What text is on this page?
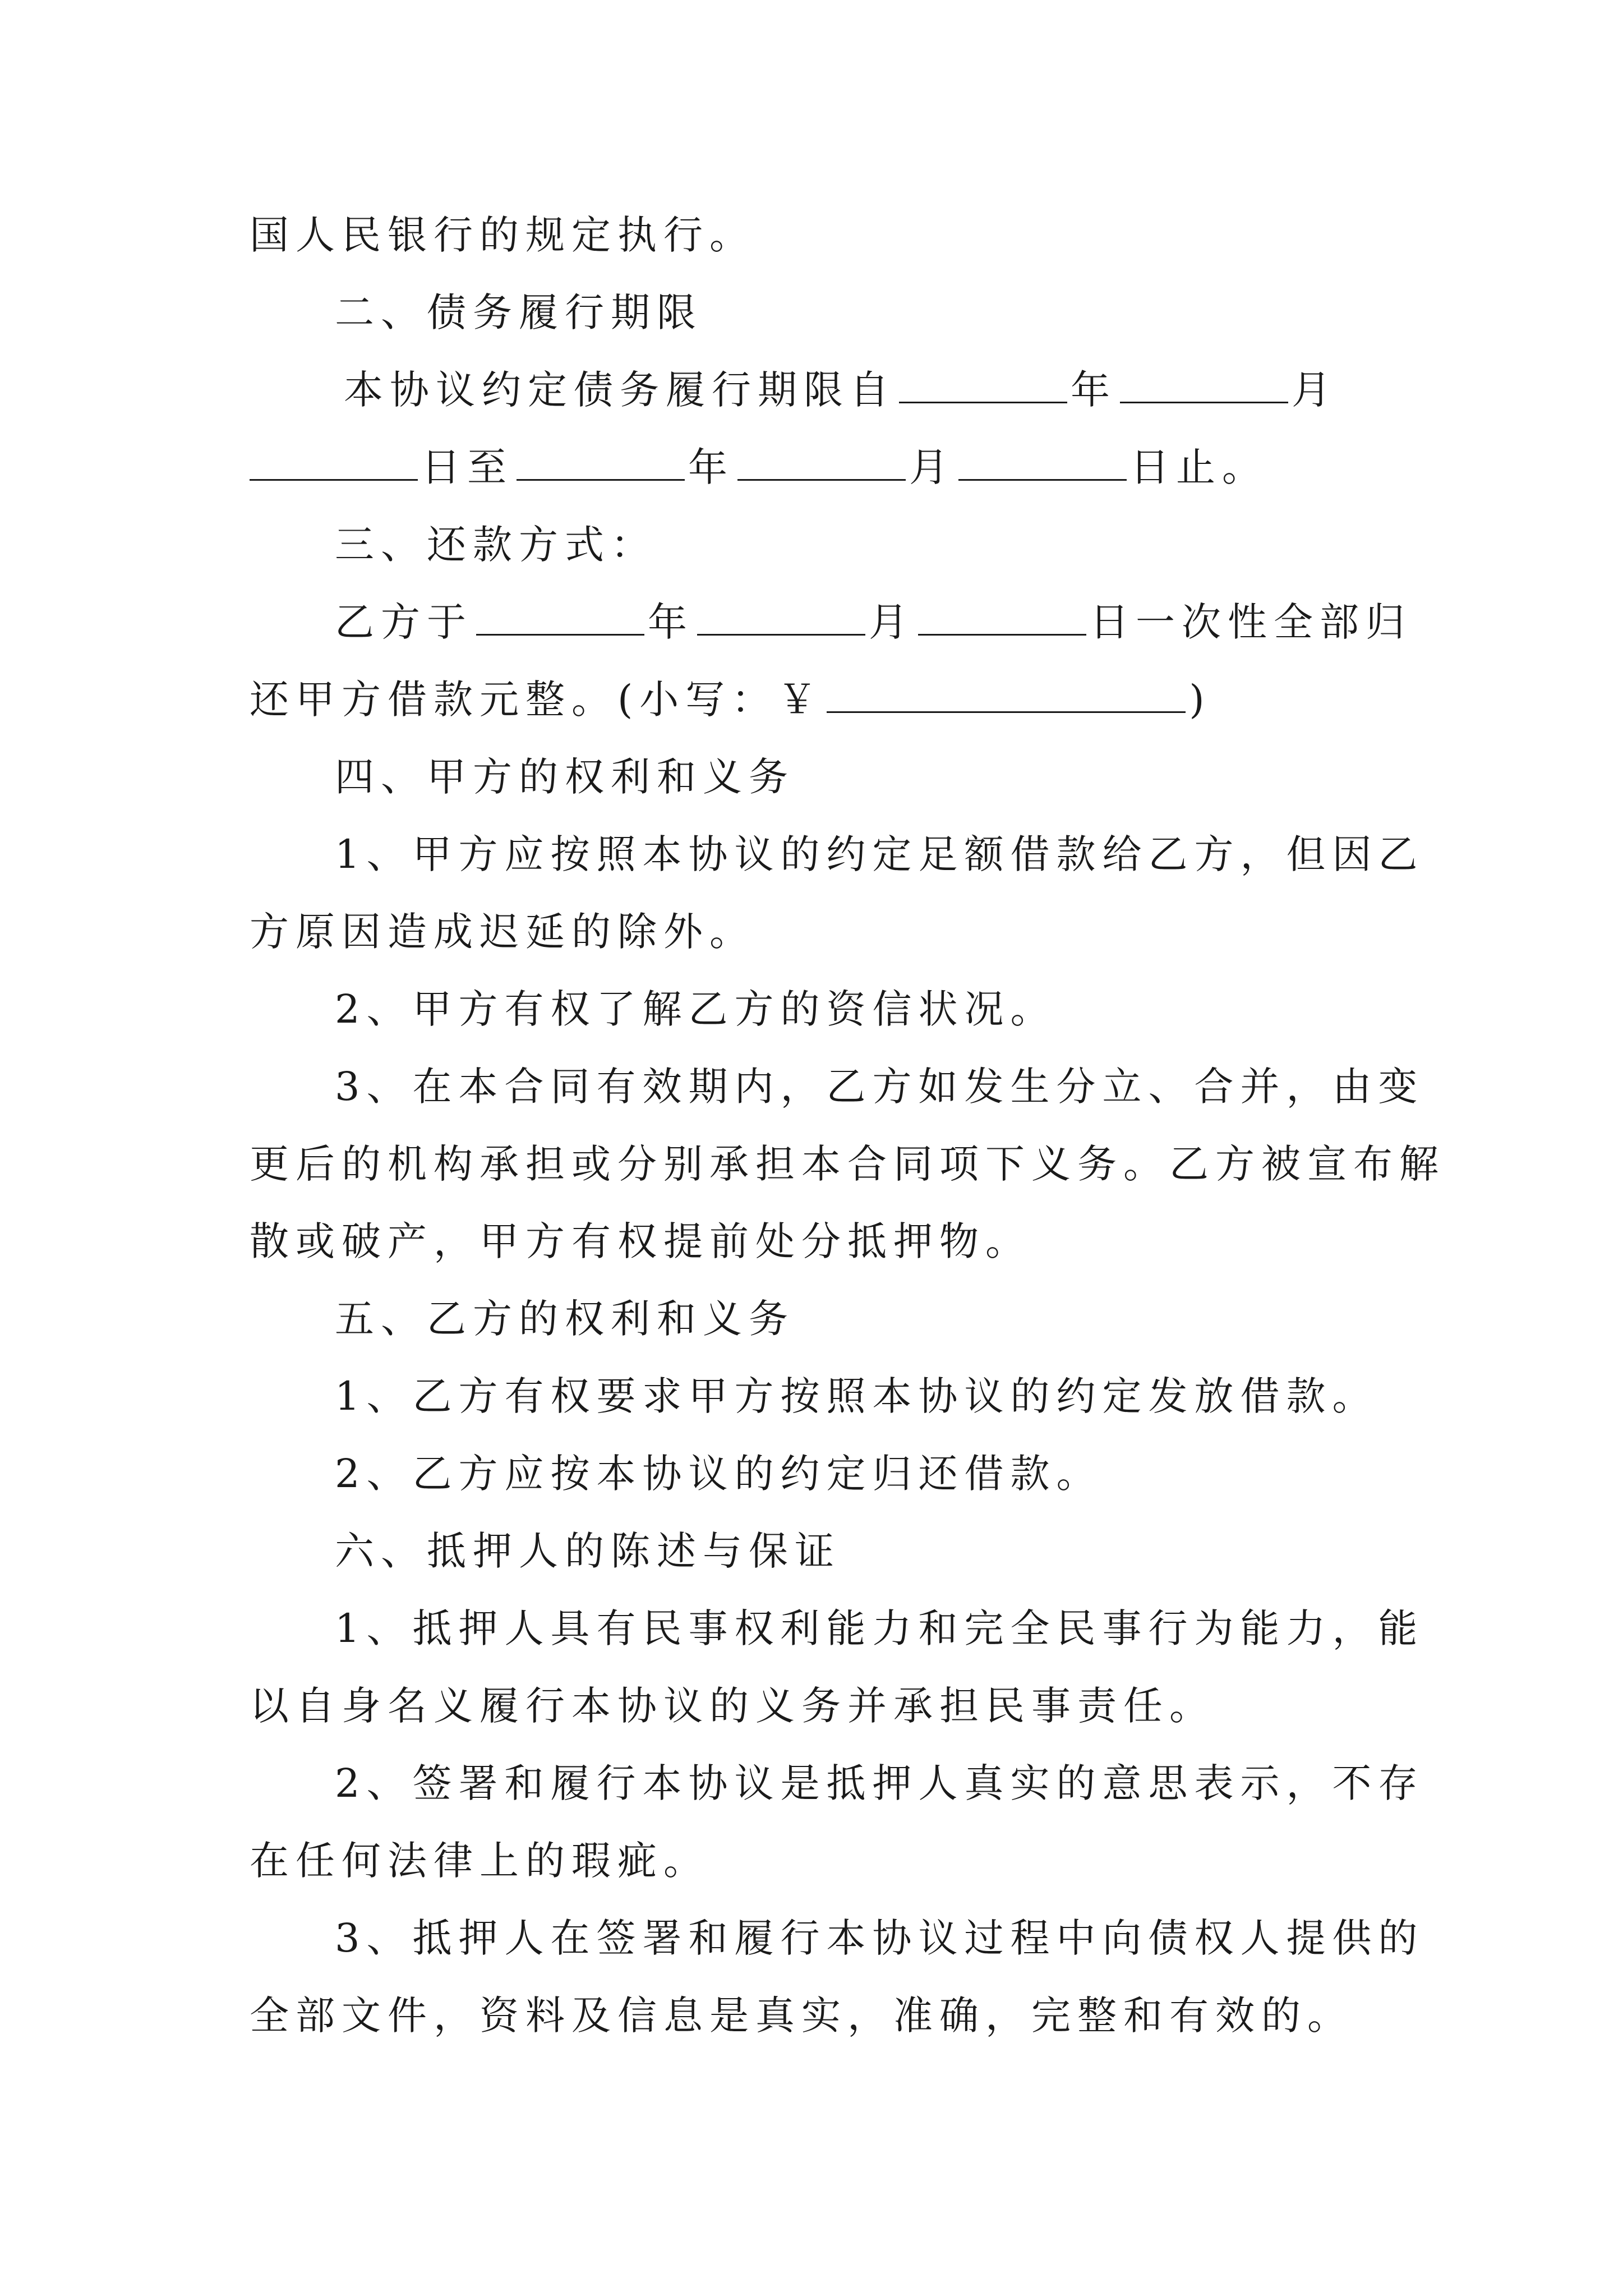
国人民银行的规定执行。
二、债务履行期限
本协议约定债务履行期限自	年	月
日至	年	月	日止。
三、还款方式：
乙方于	年	月	日一次性全部归
还甲方借款元整。(小写：￥	)
四、甲方的权利和义务
1、甲方应按照本协议的约定足额借款给乙方，但因乙
方原因造成迟延的除外。
2、甲方有权了解乙方的资信状况。
3、在本合同有效期内，乙方如发生分立、合并，由变
更后的机构承担或分别承担本合同项下义务。乙方被宣布解
散或破产，甲方有权提前处分抵押物。
五、乙方的权利和义务
1、乙方有权要求甲方按照本协议的约定发放借款。
2、乙方应按本协议的约定归还借款。
六、抵押人的陈述与保证
1、抵押人具有民事权利能力和完全民事行为能力，能
以自身名义履行本协议的义务并承担民事责任。
2、签署和履行本协议是抵押人真实的意思表示，不存
在任何法律上的瑕疵。
3、抵押人在签署和履行本协议过程中向债权人提供的
全部文件，资料及信息是真实，准确，完整和有效的。
